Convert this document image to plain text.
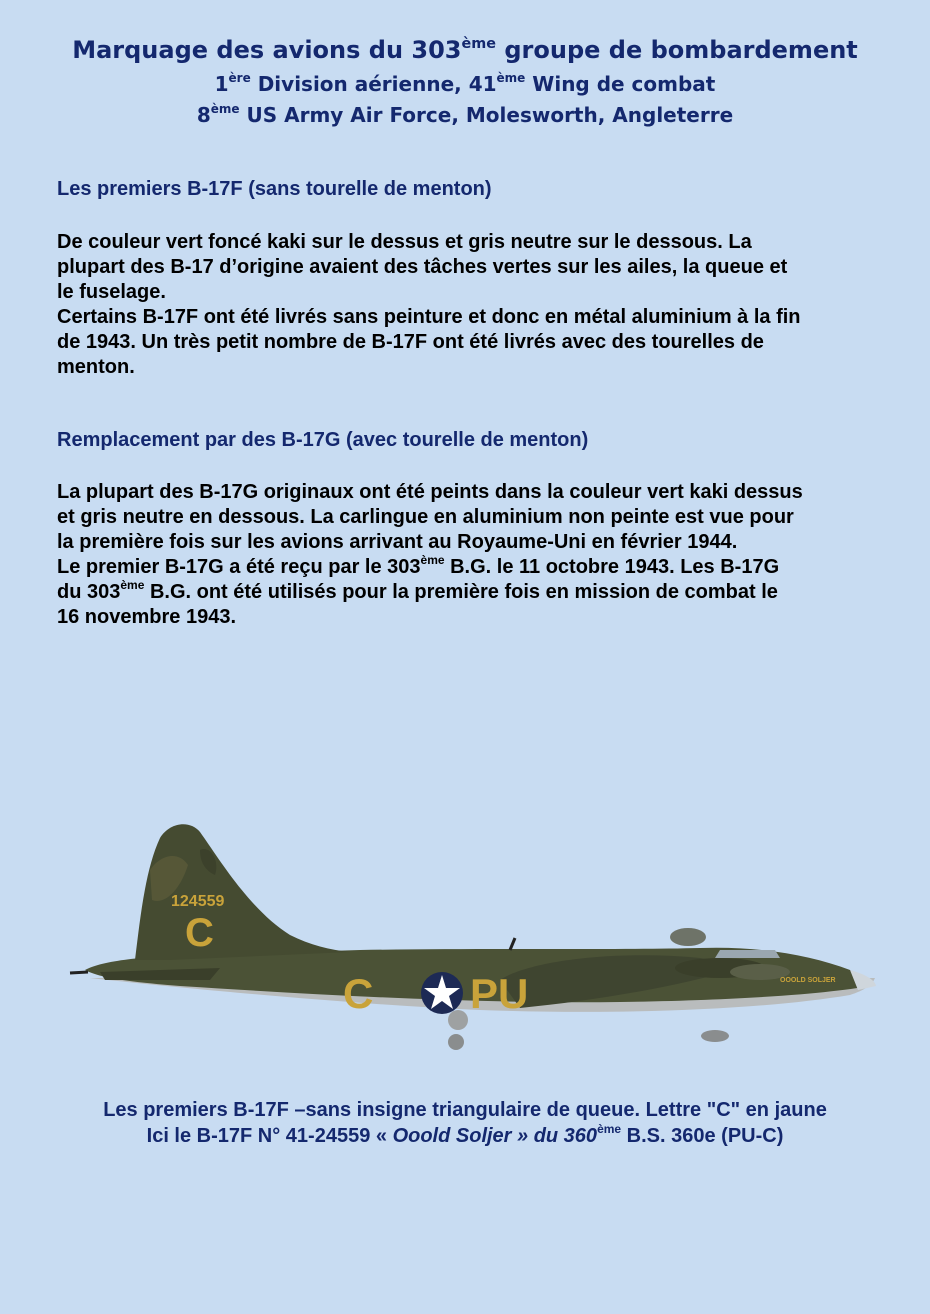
Marquage des avions du 303ème groupe de bombardement
1ère Division aérienne, 41ème Wing de combat
8ème US Army Air Force, Molesworth, Angleterre
Les premiers B-17F (sans tourelle de menton)
De couleur vert foncé kaki sur le dessus et gris neutre sur le dessous. La
plupart des B-17 d’origine avaient des tâches vertes sur les ailes, la queue et
le fuselage.
Certains B-17F ont été livrés sans peinture et donc en métal aluminium à la fin
de 1943. Un très petit nombre de B-17F ont été livrés avec des tourelles de
menton.
Remplacement par des B-17G (avec tourelle de menton)
La plupart des B-17G originaux ont été peints dans la couleur vert kaki dessus
et gris neutre en dessous. La carlingue en aluminium non peinte est vue pour
la première fois sur les avions arrivant au Royaume-Uni en février 1944.
Le premier B-17G a été reçu par le 303ème B.G. le 11 octobre 1943. Les B-17G
du 303ème B.G. ont été utilisés pour la première fois en mission de combat le
16 novembre 1943.
124559
C
C PU	OOOLD SOLJER
Les premiers B-17F –sans insigne triangulaire de queue. Lettre "C" en jaune
Ici le B-17F N° 41-24559 « Ooold Soljer » du 360ème B.S. 360e (PU-C)
